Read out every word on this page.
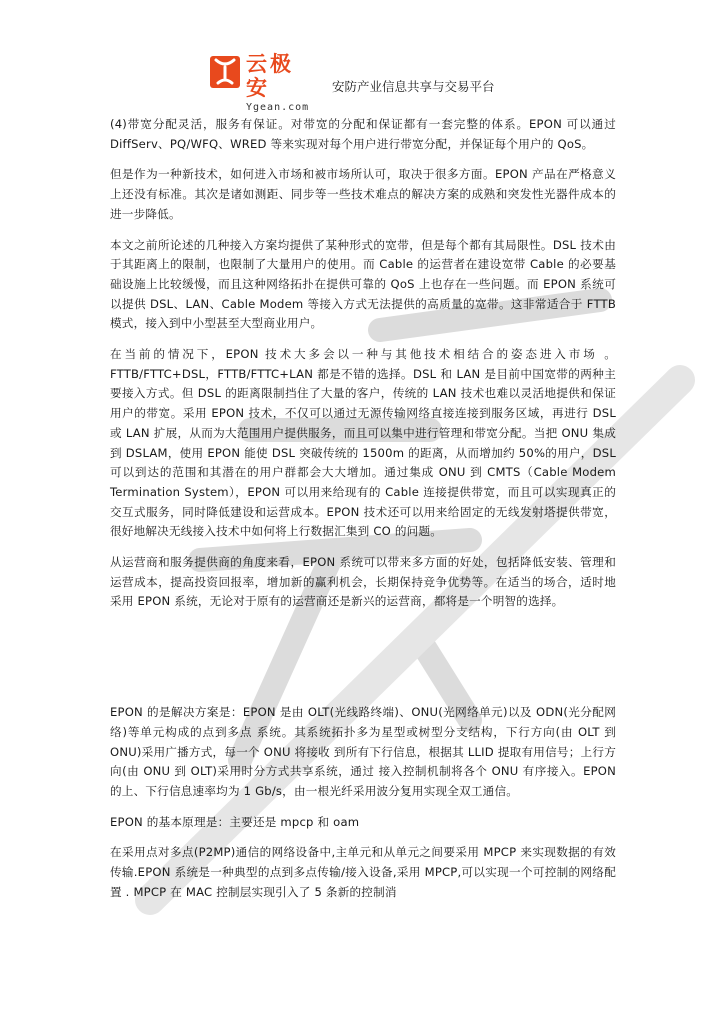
云极安
Ygean.com
安防产业信息共享与交易平台

(4)带宽分配灵活，服务有保证。对带宽的分配和保证都有一套完整的体系。EPON 可以通过 DiffServ、PQ/WFQ、WRED 等来实现对每个用户进行带宽分配，并保证每个用户的 QoS。

但是作为一种新技术，如何进入市场和被市场所认可，取决于很多方面。EPON 产品在严格意义上还没有标准。其次是诸如测距、同步等一些技术难点的解决方案的成熟和突发性光器件成本的进一步降低。

本文之前所论述的几种接入方案均提供了某种形式的宽带，但是每个都有其局限性。DSL 技术由于其距离上的限制，也限制了大量用户的使用。而 Cable 的运营者在建设宽带 Cable 的必要基础设施上比较缓慢，而且这种网络拓扑在提供可靠的 QoS 上也存在一些问题。而 EPON 系统可以提供 DSL、LAN、Cable Modem 等接入方式无法提供的高质量的宽带。这非常适合于 FTTB 模式，接入到中小型甚至大型商业用户。

在当前的情况下，EPON 技术大多会以一种与其他技术相结合的姿态进入市场 。FTTB/FTTC+DSL，FTTB/FTTC+LAN 都是不错的选择。DSL 和 LAN 是目前中国宽带的两种主要接入方式。但 DSL 的距离限制挡住了大量的客户，传统的 LAN 技术也难以灵活地提供和保证用户的带宽。采用 EPON 技术，不仅可以通过无源传输网络直接连接到服务区域，再进行 DSL 或 LAN 扩展，从而为大范围用户提供服务，而且可以集中进行管理和带宽分配。当把 ONU 集成到 DSLAM，使用 EPON 能使 DSL 突破传统的 1500m 的距离，从而增加约 50%的用户，DSL 可以到达的范围和其潜在的用户群都会大大增加。通过集成 ONU 到 CMTS（Cable Modem Termination System），EPON 可以用来给现有的 Cable 连接提供带宽，而且可以实现真正的交互式服务，同时降低建设和运营成本。EPON 技术还可以用来给固定的无线发射塔提供带宽，很好地解决无线接入技术中如何将上行数据汇集到 CO 的问题。

从运营商和服务提供商的角度来看，EPON 系统可以带来多方面的好处，包括降低安装、管理和运营成本，提高投资回报率，增加新的赢利机会，长期保持竞争优势等。在适当的场合，适时地采用 EPON 系统，无论对于原有的运营商还是新兴的运营商，都将是一个明智的选择。

EPON 的是解决方案是：EPON 是由 OLT(光线路终端)、ONU(光网络单元)以及 ODN(光分配网络)等单元构成的点到多点 系统。其系统拓扑多为星型或树型分支结构，下行方向(由 OLT 到ONU)采用广播方式，每一个 ONU 将接收 到所有下行信息，根据其 LLID 提取有用信号；上行方向(由 ONU 到 OLT)采用时分方式共享系统，通过 接入控制机制将各个 ONU 有序接入。EPON 的上、下行信息速率均为 1 Gb/s，由一根光纤采用波分复用实现全双工通信。

EPON 的基本原理是：主要还是 mpcp 和 oam

在采用点对多点(P2MP)通信的网络设备中,主单元和从单元之间要采用 MPCP 来实现数据的有效传输.EPON 系统是一种典型的点到多点传输/接入设备,采用 MPCP,可以实现一个可控制的网络配置 . MPCP 在 MAC 控制层实现引入了 5 条新的控制消
